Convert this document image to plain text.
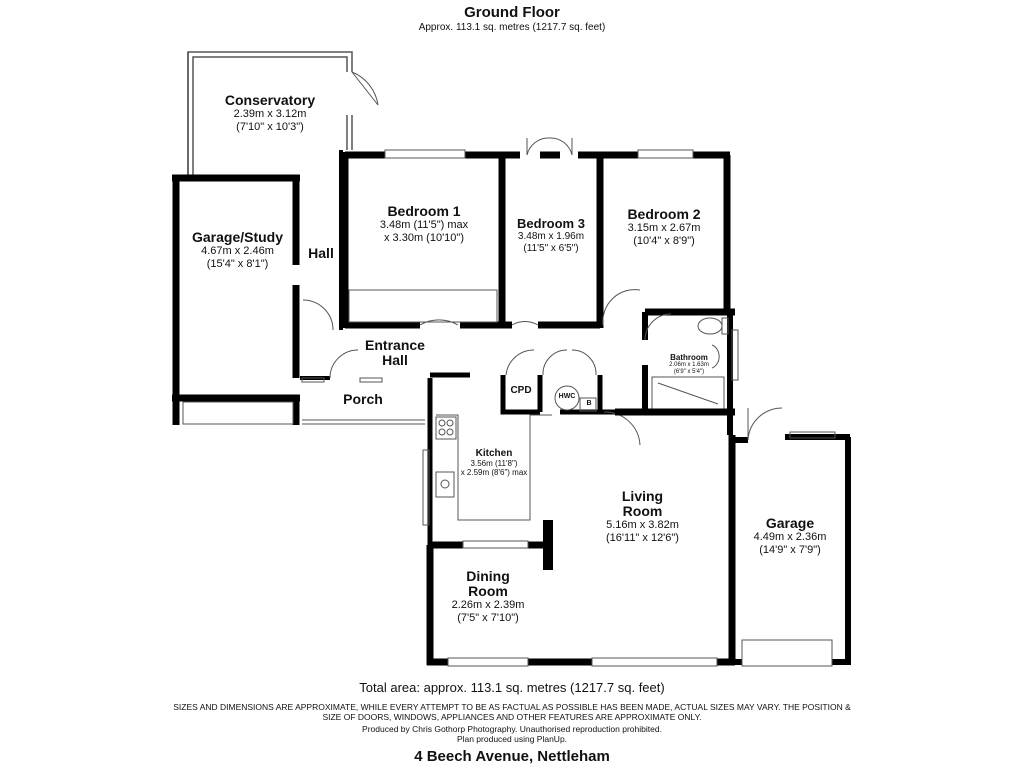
Ground Floor
Approx. 113.1 sq. metres (1217.7 sq. feet)
Conservatory
2.39m x 3.12m
(7'10" x 10'3")
Garage/Study
4.67m x 2.46m
(15'4" x 8'1")
Hall
Bedroom 1
3.48m (11'5") max
x 3.30m (10'10")
Bedroom 3
3.48m x 1.96m
(11'5" x 6'5")
Bedroom 2
3.15m x 2.67m
(10'4" x 8'9")
Entrance
Hall
Porch
CPD
HWC
B
Bathroom
2.06m x 1.63m
(6'9" x 5'4")
Kitchen
3.56m (11'8")
x 2.59m (8'6") max
Living
Room
5.16m x 3.82m
(16'11" x 12'6")
Dining
Room
2.26m x 2.39m
(7'5" x 7'10")
Garage
4.49m x 2.36m
(14'9" x 7'9")
Total area: approx. 113.1 sq. metres (1217.7 sq. feet)
SIZES AND DIMENSIONS ARE APPROXIMATE, WHILE EVERY ATTEMPT TO BE AS FACTUAL AS POSSIBLE HAS BEEN MADE, ACTUAL SIZES MAY VARY. THE POSITION & SIZE OF DOORS, WINDOWS, APPLIANCES AND OTHER FEATURES ARE APPROXIMATE ONLY.
Produced by Chris Gothorp Photography. Unauthorised reproduction prohibited.
Plan produced using PlanUp.
4 Beech Avenue, Nettleham
